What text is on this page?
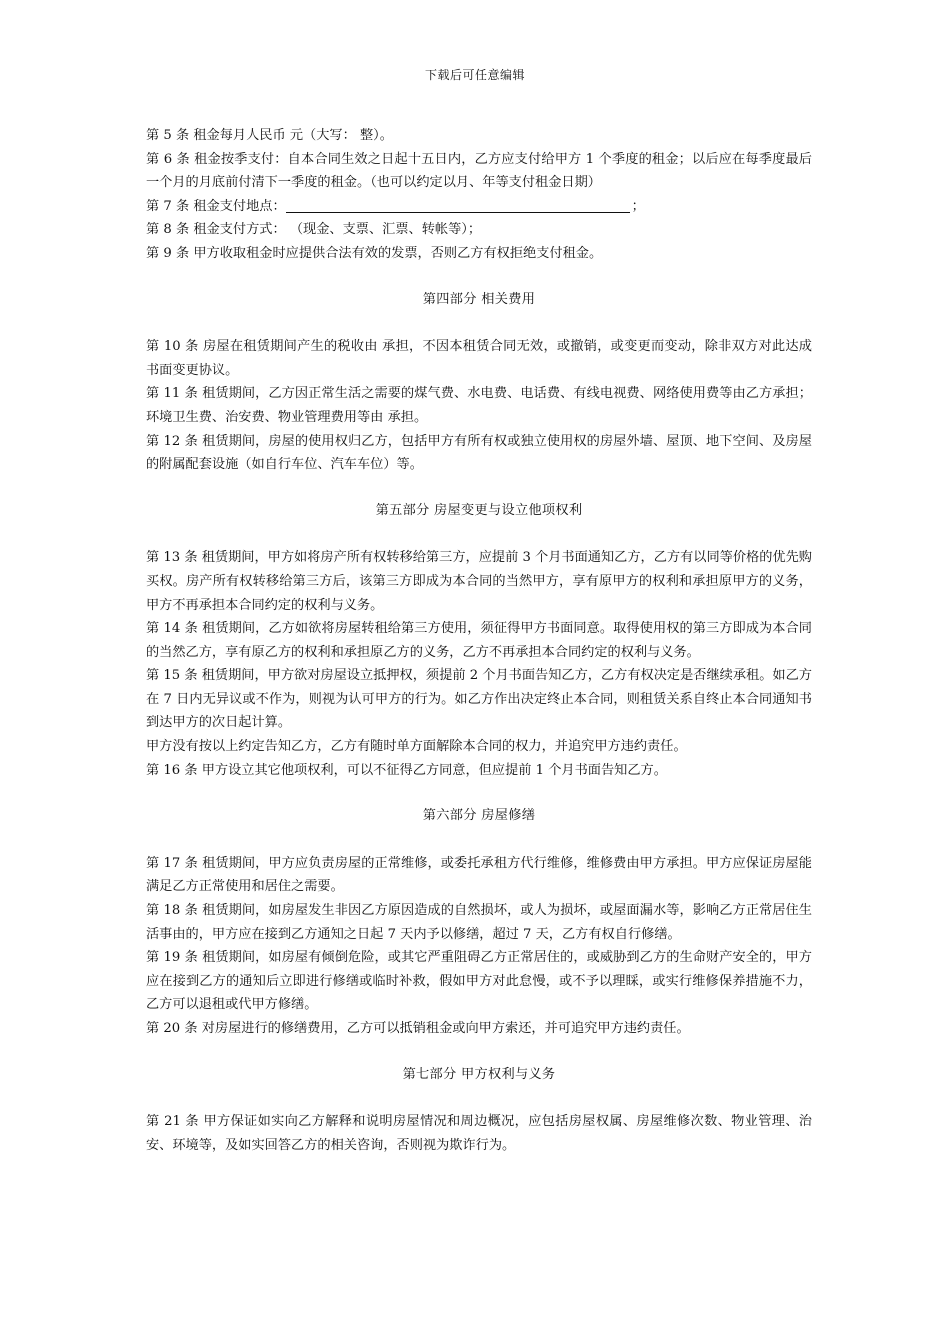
下载后可任意编辑

第 5 条 租金每月人民币 元（大写： 整）。

第 6 条 租金按季支付：自本合同生效之日起十五日内，乙方应支付给甲方 1 个季度的租金；以后应在每季度最后一个月的月底前付清下一季度的租金。（也可以约定以月、年等支付租金日期）

第 7 条 租金支付地点：	；

第 8 条 租金支付方式： （现金、支票、汇票、转帐等）；

第 9 条 甲方收取租金时应提供合法有效的发票，否则乙方有权拒绝支付租金。

第四部分 相关费用

第 10 条 房屋在租赁期间产生的税收由 承担，不因本租赁合同无效，或撤销，或变更而变动，除非双方对此达成书面变更协议。

第 11 条 租赁期间，乙方因正常生活之需要的煤气费、水电费、电话费、有线电视费、网络使用费等由乙方承担；环境卫生费、治安费、物业管理费用等由 承担。

第 12 条 租赁期间，房屋的使用权归乙方，包括甲方有所有权或独立使用权的房屋外墙、屋顶、地下空间、及房屋的附属配套设施（如自行车位、汽车车位）等。

第五部分 房屋变更与设立他项权利

第 13 条 租赁期间，甲方如将房产所有权转移给第三方，应提前 3 个月书面通知乙方，乙方有以同等价格的优先购买权。房产所有权转移给第三方后，该第三方即成为本合同的当然甲方，享有原甲方的权利和承担原甲方的义务，甲方不再承担本合同约定的权利与义务。

第 14 条 租赁期间，乙方如欲将房屋转租给第三方使用，须征得甲方书面同意。取得使用权的第三方即成为本合同的当然乙方，享有原乙方的权利和承担原乙方的义务，乙方不再承担本合同约定的权利与义务。

第 15 条 租赁期间，甲方欲对房屋设立抵押权，须提前 2 个月书面告知乙方，乙方有权决定是否继续承租。如乙方在 7 日内无异议或不作为，则视为认可甲方的行为。如乙方作出决定终止本合同，则租赁关系自终止本合同通知书到达甲方的次日起计算。

甲方没有按以上约定告知乙方，乙方有随时单方面解除本合同的权力，并追究甲方违约责任。

第 16 条 甲方设立其它他项权利，可以不征得乙方同意，但应提前 1 个月书面告知乙方。

第六部分 房屋修缮

第 17 条 租赁期间，甲方应负责房屋的正常维修，或委托承租方代行维修，维修费由甲方承担。甲方应保证房屋能满足乙方正常使用和居住之需要。

第 18 条 租赁期间，如房屋发生非因乙方原因造成的自然损坏，或人为损坏，或屋面漏水等，影响乙方正常居住生活事由的，甲方应在接到乙方通知之日起 7 天内予以修缮，超过 7 天，乙方有权自行修缮。

第 19 条 租赁期间，如房屋有倾倒危险，或其它严重阻碍乙方正常居住的，或威胁到乙方的生命财产安全的，甲方应在接到乙方的通知后立即进行修缮或临时补救，假如甲方对此怠慢，或不予以理睬，或实行维修保养措施不力，乙方可以退租或代甲方修缮。

第 20 条 对房屋进行的修缮费用，乙方可以抵销租金或向甲方索还，并可追究甲方违约责任。

第七部分 甲方权利与义务

第 21 条 甲方保证如实向乙方解释和说明房屋情况和周边概况，应包括房屋权属、房屋维修次数、物业管理、治安、环境等，及如实回答乙方的相关咨询，否则视为欺诈行为。
